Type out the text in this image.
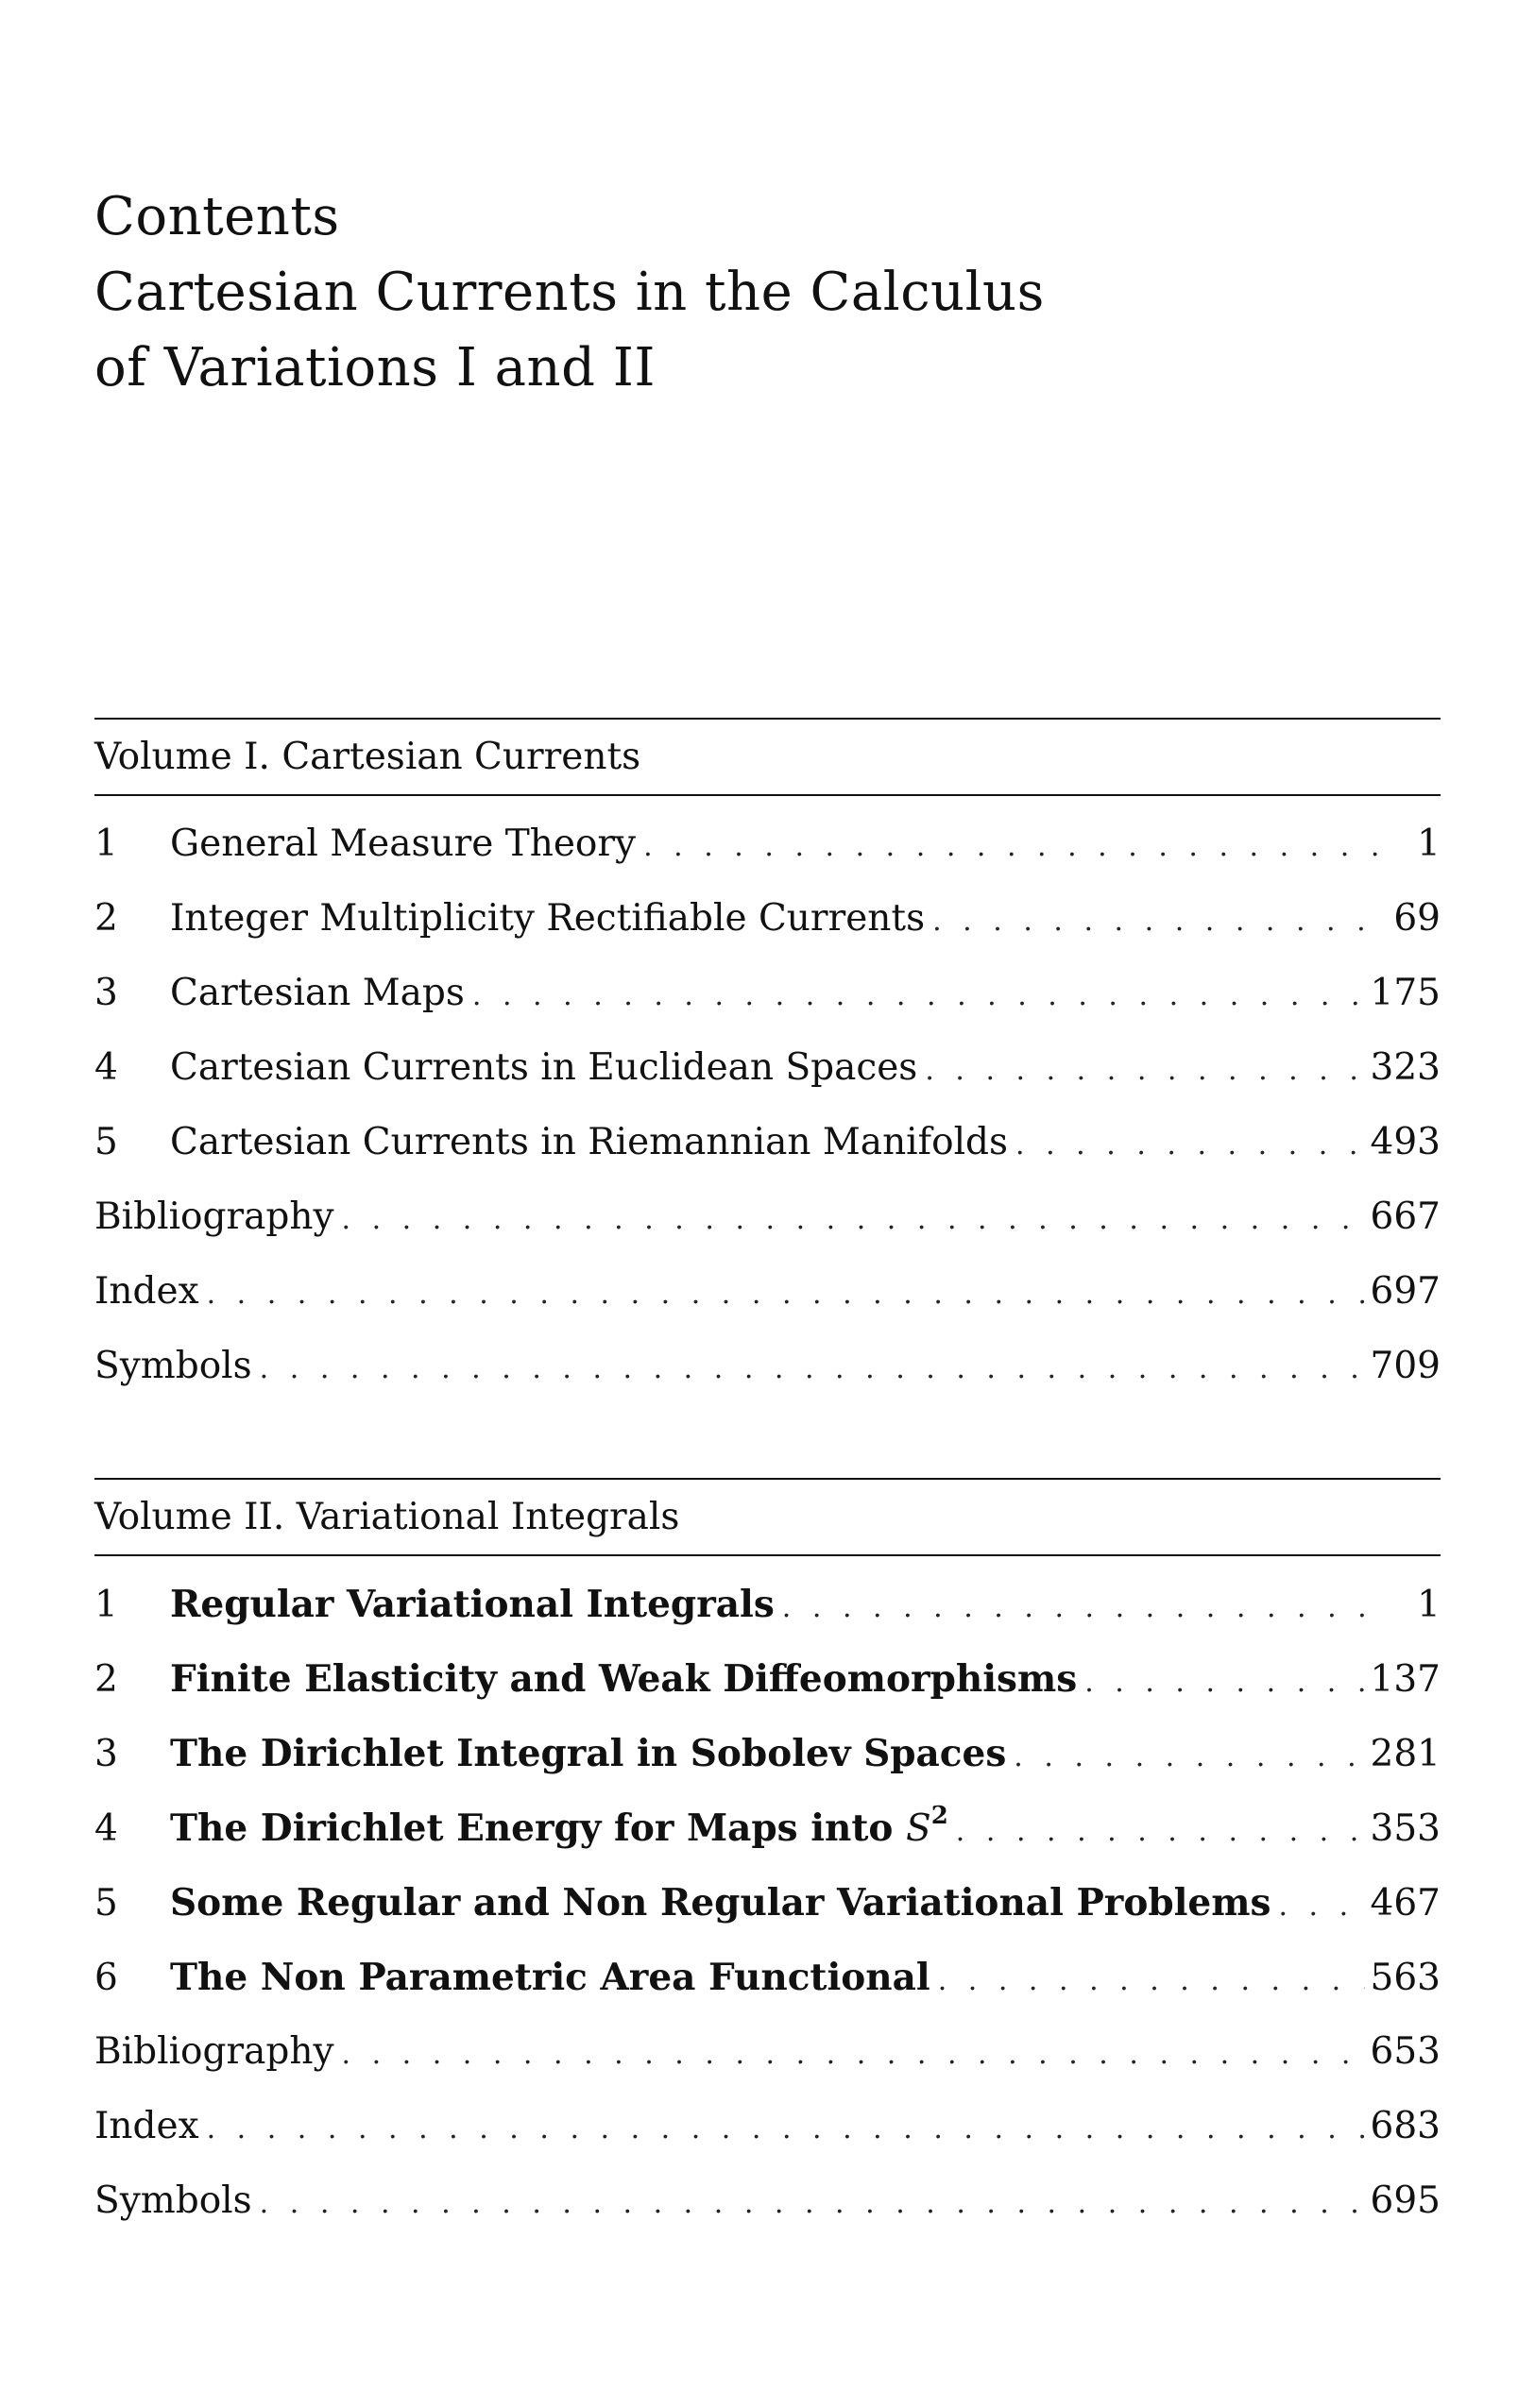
Contents
Cartesian Currents in the Calculus
of Variations I and II
Volume I. Cartesian Currents
1	General Measure Theory . . .	1
2	Integer Multiplicity Rectifiable Currents . . .	69
3	Cartesian Maps . . .	175
4	Cartesian Currents in Euclidean Spaces . . .	323
5	Cartesian Currents in Riemannian Manifolds . . .	493
Bibliography . . .	667
Index . . .	697
Symbols . . .	709
Volume II. Variational Integrals
1	Regular Variational Integrals . . .	1
2	Finite Elasticity and Weak Diffeomorphisms . . .	137
3	The Dirichlet Integral in Sobolev Spaces . . .	281
4	The Dirichlet Energy for Maps into $S^2$ . . .	353
5	Some Regular and Non Regular Variational Problems . . .	467
6	The Non Parametric Area Functional . . .	563
Bibliography . . .	653
Index . . .	683
Symbols . . .	695
